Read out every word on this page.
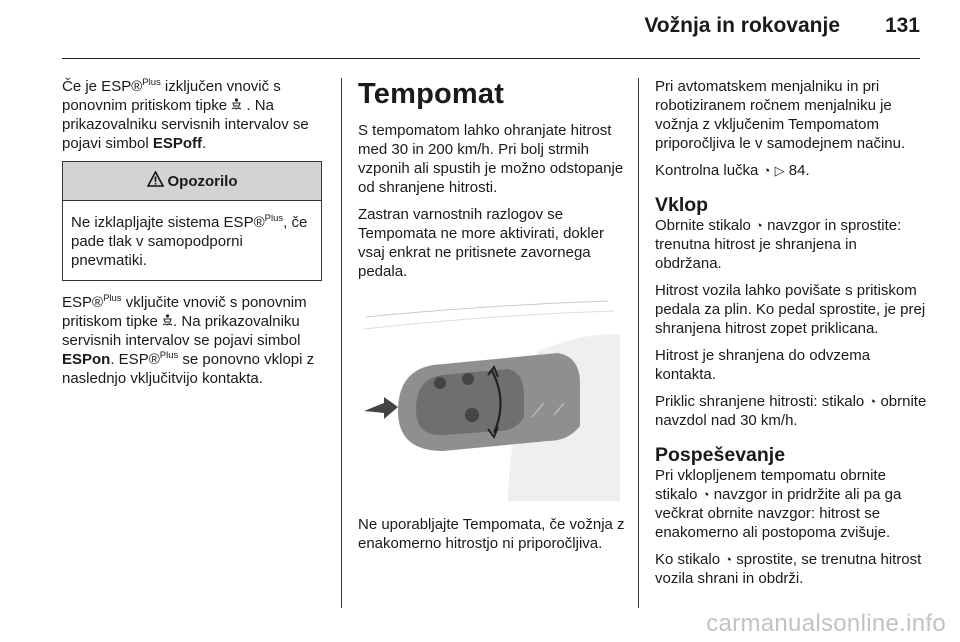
Vožnja in rokovanje 131

Če je ESP®$^{Plus}$ izključen vnovič s ponovnim pritiskom tipke  . Na prikazovalniku servisnih intervalov se pojavi simbol ESPoff.

Opozorilo
Ne izklapljajte sistema ESP®$^{Plus}$, če pade tlak v samopodporni pnevmatiki.

ESP®$^{Plus}$ vključite vnovič s ponovnim pritiskom tipke . Na prikazovalniku servisnih intervalov se pojavi simbol ESPon. ESP®$^{Plus}$ se ponovno vklopi z naslednjo vključitvijo kontakta.

Tempomat

S tempomatom lahko ohranjate hitrost med 30 in 200 km/h. Pri bolj strmih vzponih ali spustih je možno odstopanje od shranjene hitrosti.

Zastran varnostnih razlogov se Tempomata ne more aktivirati, dokler vsaj enkrat ne pritisnete zavornega pedala.

Ne uporabljajte Tempomata, če vožnja z enakomerno hitrostjo ni priporočljiva.

Pri avtomatskem menjalniku in pri robotiziranem ročnem menjalniku je vožnja z vključenim Tempomatom priporočljiva le v samodejnem načinu.

Kontrolna lučka ◔ ▷ 84.

Vklop

Obrnite stikalo ◔ navzgor in sprostite: trenutna hitrost je shranjena in obdržana.

Hitrost vozila lahko povišate s pritiskom pedala za plin. Ko pedal sprostite, je prej shranjena hitrost zopet priklicana.

Hitrost je shranjena do odvzema kontakta.

Priklic shranjene hitrosti: stikalo ◔ obrnite navzdol nad 30 km/h.

Pospeševanje

Pri vklopljenem tempomatu obrnite stikalo ◔ navzgor in pridržite ali pa ga večkrat obrnite navzgor: hitrost se enakomerno ali postopoma zvišuje.

Ko stikalo ◔ sprostite, se trenutna hitrost vozila shrani in obdrži.

carmanualsonline.info
